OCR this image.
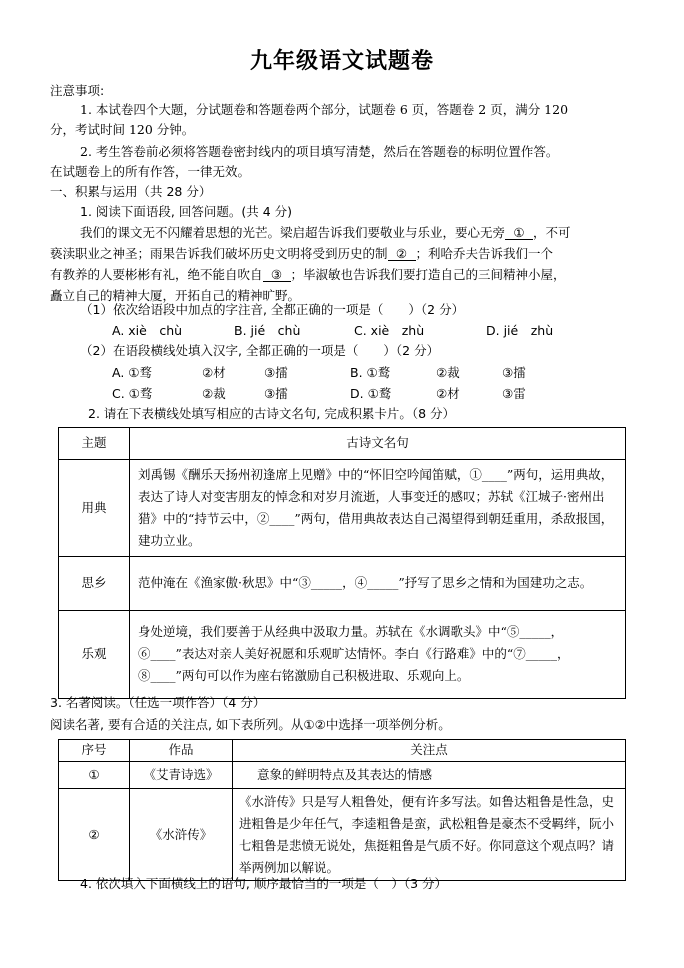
九年级语文试题卷
注意事项:
1. 本试卷四个大题，分试题卷和答题卷两个部分，试题卷 6 页，答题卷 2 页，满分 120
分，考试时间 120 分钟。
2. 考生答卷前必须将答题卷密封线内的项目填写清楚，然后在答题卷的标明位置作答。
在试题卷上的所有作答，一律无效。
一、积累与运用（共 28 分）
1. 阅读下面语段, 回答问题。(共 4 分)
我们的课文无不闪耀着思想的光芒。梁启超告诉我们要敬业与乐业，要心无旁 ① ，不可
亵渎职业之神圣；雨果告诉我们破坏历史文明将受到历史的制 ② ；利哈乔夫告诉我们一个
有教养的人要彬彬有礼，绝不能自吹自 ③ ；毕淑敏也告诉我们要打造自己的三间精神小屋，
矗立自己的精神大厦，开拓自己的精神旷野。
（1）依次给语段中加点的字注音, 全都正确的一项是（　　）（2 分）
A. xiè　chù	B. jié　chù	C. xiè　zhù	D. jié　zhù
（2）在语段横线处填入汉字, 全都正确的一项是（　　）（2 分）
A. ①骛	②材	③擂	B. ①鹜	②裁	③擂
C. ①骛	②裁	③擂	D. ①鹜	②材	③雷
2. 请在下表横线处填写相应的古诗文名句, 完成积累卡片。（8 分）
主题	古诗文名句
用典	刘禹锡《酬乐天扬州初逢席上见赠》中的“怀旧空吟闻笛赋，①____”两句，运用典故，表达了诗人对变害朋友的悼念和对岁月流逝，人事变迁的感叹；苏轼《江城子·密州出猎》中的“持节云中，②____”两句，借用典故表达自己渴望得到朝廷重用，杀敌报国，建功立业。
思乡	范仲淹在《渔家傲·秋思》中“③_____，④_____”抒写了思乡之情和为国建功之志。
乐观	身处逆境，我们要善于从经典中汲取力量。苏轼在《水调歌头》中“⑤_____，⑥____”表达对亲人美好祝愿和乐观旷达情怀。李白《行路难》中的“⑦_____，⑧____”两句可以作为座右铭激励自己积极进取、乐观向上。
3. 名著阅读。（任选一项作答）（4 分）
阅读名著, 要有合适的关注点, 如下表所列。从①②中选择一项举例分析。
序号	作品	关注点
①	《艾青诗选》	意象的鲜明特点及其表达的情感
②	《水浒传》	《水浒传》只是写人粗鲁处，便有许多写法。如鲁达粗鲁是性急，史进粗鲁是少年任气，李逵粗鲁是蛮，武松粗鲁是豪杰不受羁绊，阮小七粗鲁是悲愤无说处，焦挺粗鲁是气质不好。你同意这个观点吗？请举两例加以解说。
4. 依次填入下面横线上的语句, 顺序最恰当的一项是（　）（3 分）
